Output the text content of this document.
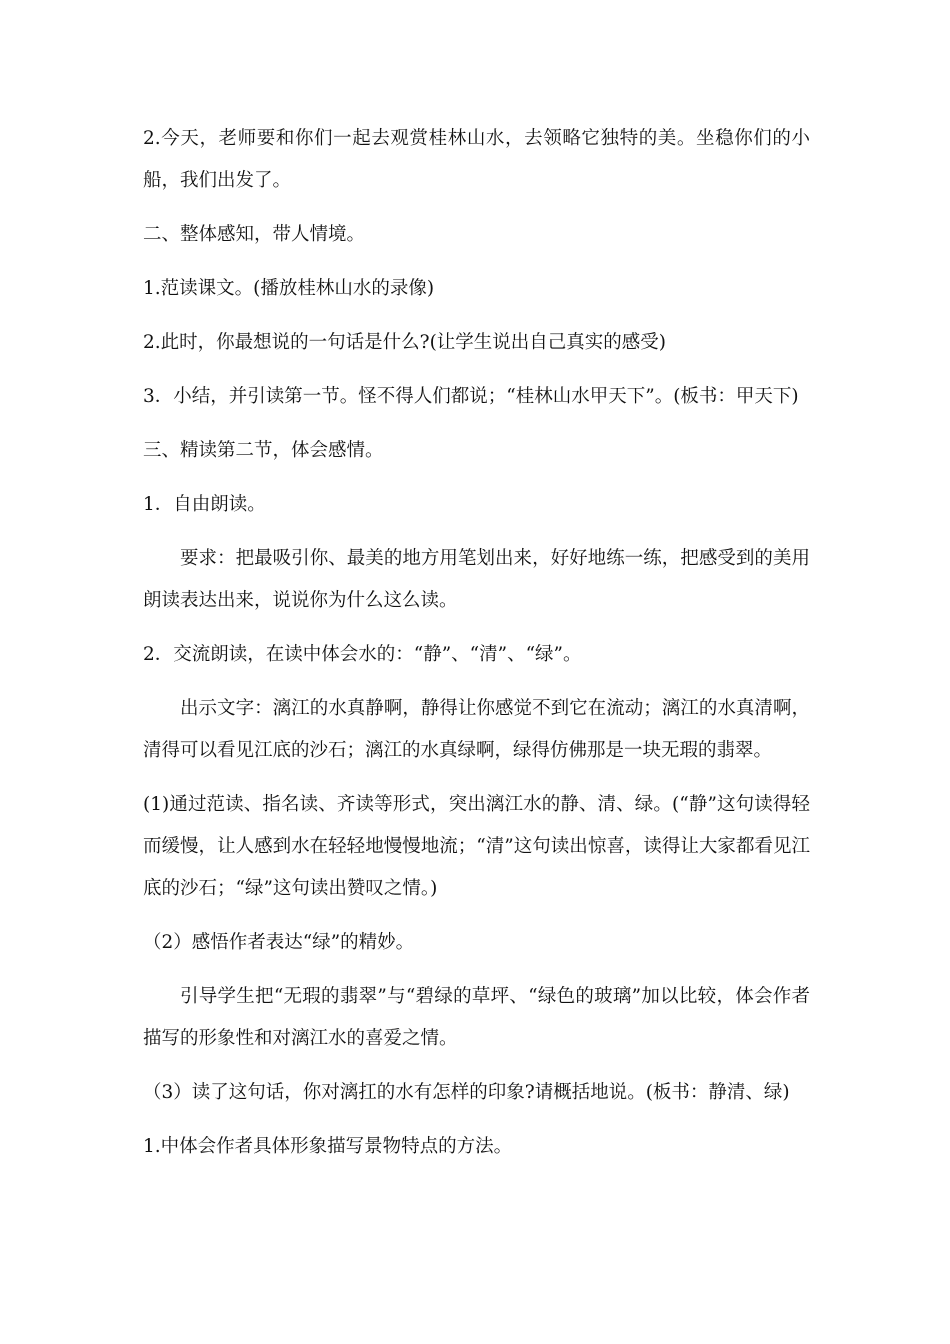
2.今天，老师要和你们一起去观赏桂林山水，去领略它独特的美。坐稳你们的小船，我们出发了。

二、整体感知，带人情境。

1.范读课文。(播放桂林山水的录像)

2.此时，你最想说的一句话是什么?(让学生说出自己真实的感受)

3．小结，并引读第一节。怪不得人们都说；“桂林山水甲天下”。(板书：甲天下)

三、精读第二节，体会感情。

1．自由朗读。

要求：把最吸引你、最美的地方用笔划出来，好好地练一练，把感受到的美用朗读表达出来，说说你为什么这么读。

2．交流朗读，在读中体会水的：“静”、“清”、“绿”。

出示文字：漓江的水真静啊，静得让你感觉不到它在流动；漓江的水真清啊，清得可以看见江底的沙石；漓江的水真绿啊，绿得仿佛那是一块无瑕的翡翠。

(1)通过范读、指名读、齐读等形式，突出漓江水的静、清、绿。(“静”这句读得轻而缓慢，让人感到水在轻轻地慢慢地流；“清”这句读出惊喜，读得让大家都看见江底的沙石；“绿”这句读出赞叹之情。)

（2）感悟作者表达“绿”的精妙。

引导学生把“无瑕的翡翠”与“碧绿的草坪、“绿色的玻璃”加以比较，体会作者描写的形象性和对漓江水的喜爱之情。

（3）读了这句话，你对漓扛的水有怎样的印象?请概括地说。(板书：静清、绿)

1.中体会作者具体形象描写景物特点的方法。
